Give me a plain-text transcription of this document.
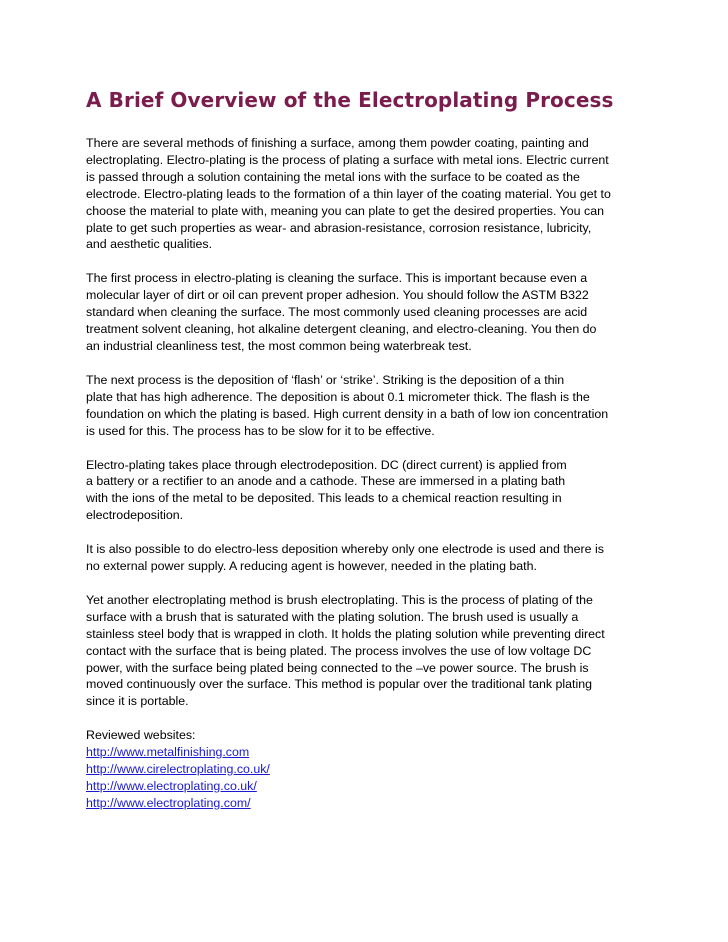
A Brief Overview of the Electroplating Process

There are several methods of finishing a surface, among them powder coating, painting and
electroplating. Electro-plating is the process of plating a surface with metal ions. Electric current
is passed through a solution containing the metal ions with the surface to be coated as the
electrode. Electro-plating leads to the formation of a thin layer of the coating material. You get to
choose the material to plate with, meaning you can plate to get the desired properties. You can
plate to get such properties as wear- and abrasion-resistance, corrosion resistance, lubricity,
and aesthetic qualities.

The first process in electro-plating is cleaning the surface. This is important because even a
molecular layer of dirt or oil can prevent proper adhesion. You should follow the ASTM B322
standard when cleaning the surface. The most commonly used cleaning processes are acid
treatment solvent cleaning, hot alkaline detergent cleaning, and electro-cleaning. You then do
an industrial cleanliness test, the most common being waterbreak test.

The next process is the deposition of ‘flash’ or ‘strike’. Striking is the deposition of a thin
plate that has high adherence. The deposition is about 0.1 micrometer thick. The flash is the
foundation on which the plating is based. High current density in a bath of low ion concentration
is used for this. The process has to be slow for it to be effective.

Electro-plating takes place through electrodeposition. DC (direct current) is applied from
a battery or a rectifier to an anode and a cathode. These are immersed in a plating bath
with the ions of the metal to be deposited. This leads to a chemical reaction resulting in
electrodeposition.

It is also possible to do electro-less deposition whereby only one electrode is used and there is
no external power supply. A reducing agent is however, needed in the plating bath.

Yet another electroplating method is brush electroplating. This is the process of plating of the
surface with a brush that is saturated with the plating solution. The brush used is usually a
stainless steel body that is wrapped in cloth. It holds the plating solution while preventing direct
contact with the surface that is being plated. The process involves the use of low voltage DC
power, with the surface being plated being connected to the –ve power source. The brush is
moved continuously over the surface. This method is popular over the traditional tank plating
since it is portable.

Reviewed websites:
http://www.metalfinishing.com
http://www.cirelectroplating.co.uk/
http://www.electroplating.co.uk/
http://www.electroplating.com/
